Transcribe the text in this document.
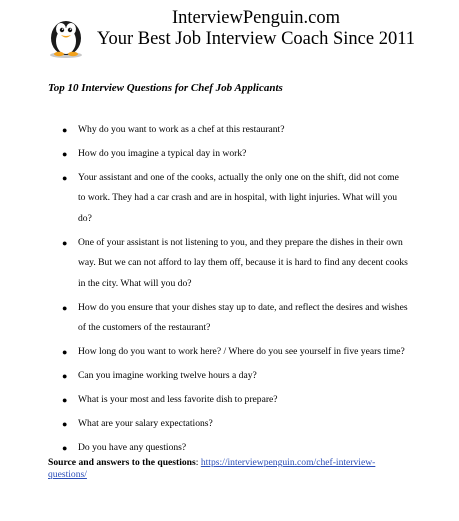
InterviewPenguin.com
Your Best Job Interview Coach Since 2011
Top 10 Interview Questions for Chef Job Applicants
● Why do you want to work as a chef at this restaurant?
● How do you imagine a typical day in work?
● Your assistant and one of the cooks, actually the only one on the shift, did not come to work. They had a car crash and are in hospital, with light injuries. What will you do?
● One of your assistant is not listening to you, and they prepare the dishes in their own way. But we can not afford to lay them off, because it is hard to find any decent cooks in the city. What will you do?
● How do you ensure that your dishes stay up to date, and reflect the desires and wishes of the customers of the restaurant?
● How long do you want to work here? / Where do you see yourself in five years time?
● Can you imagine working twelve hours a day?
● What is your most and less favorite dish to prepare?
● What are your salary expectations?
● Do you have any questions?
Source and answers to the questions: https://interviewpenguin.com/chef-interview-questions/
